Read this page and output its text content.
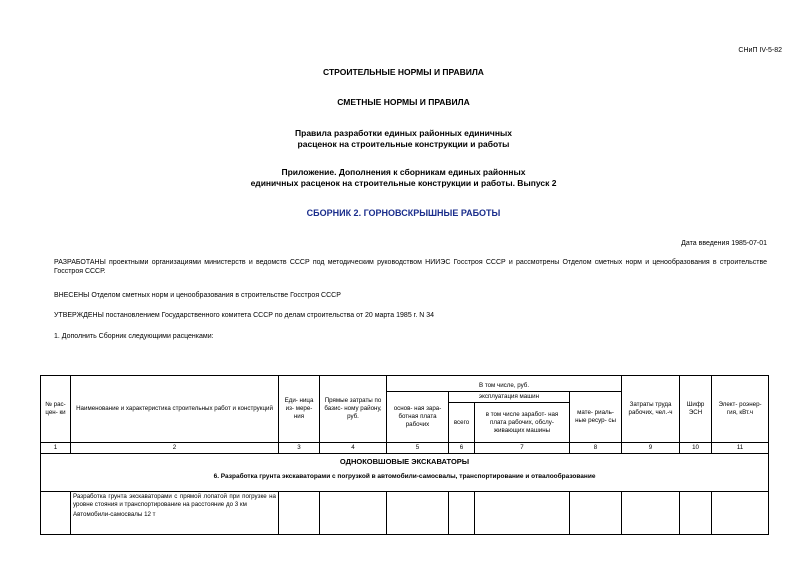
СНиП IV-5-82
СТРОИТЕЛЬНЫЕ НОРМЫ И ПРАВИЛА
СМЕТНЫЕ НОРМЫ И ПРАВИЛА
Правила разработки единых районных единичных
расценок на строительные конструкции и работы
Приложение. Дополнения к сборникам единых районных
единичных расценок на строительные конструкции и работы. Выпуск 2
СБОРНИК 2. ГОРНОВСКРЫШНЫЕ РАБОТЫ
Дата введения 1985-07-01
РАЗРАБОТАНЫ проектными организациями министерств и ведомств СССР под методическим руководством НИИЭС Госстроя СССР и рассмотрены Отделом сметных норм и ценообразования в строительстве Госстроя СССР.
ВНЕСЕНЫ Отделом сметных норм и ценообразования в строительстве Госстроя СССР
УТВЕРЖДЕНЫ постановлением Государственного комитета СССР по делам строительства от 20 марта 1985 г. N 34
1. Дополнить Сборник следующими расценками:
№ рас- цен- ки	Наименование и характеристика строительных работ и конструкций	Еди- ница из- мере- ния	Прямые затраты по базис- ному району, руб.	В том числе, руб.				Затраты труда рабочих, чел.-ч	Шифр ЭСН	Элект- роэнер- гия, кВт.ч
				основ- ная зара- ботная плата рабочих	эксплуатация машин		мате- риаль- ные ресур- сы			
					всего	в том числе заработ- ная плата рабочих, обслу- живающих машины				
1	2	3	4	5	6	7	8	9	10	11

ОДНОКОВШОВЫЕ ЭКСКАВАТОРЫ
6. Разработка грунта экскаваторами с погрузкой в автомобили-самосвалы, транспортирование и отвалообразование										

	Разработка грунта экскаваторами с прямой лопатой при погрузке на уровне стояния и транспортирование на расстояние до 3 км
Автомобили-самосвалы 12 т									
